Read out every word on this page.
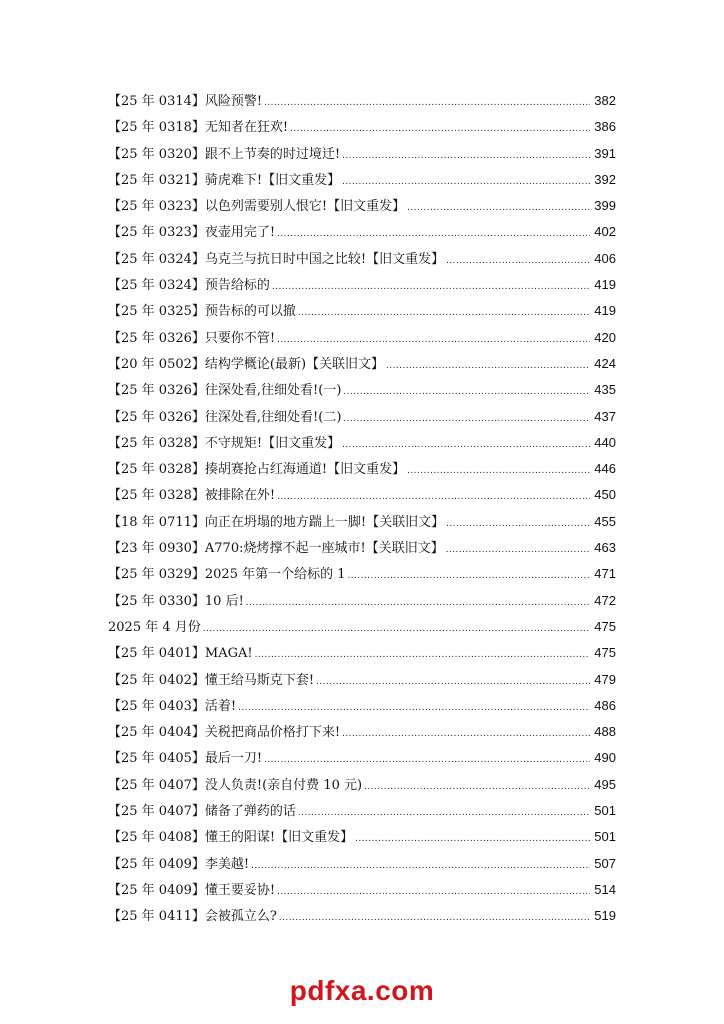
【25 年 0314】风险预警! .....	382
【25 年 0318】无知者在狂欢! .....	386
【25 年 0320】跟不上节奏的时过境迁! .....	391
【25 年 0321】骑虎难下!【旧文重发】 .....	392
【25 年 0323】以色列需要别人恨它!【旧文重发】 .....	399
【25 年 0323】夜壶用完了! .....	402
【25 年 0324】乌克兰与抗日时中国之比较!【旧文重发】 .....	406
【25 年 0324】预告给标的 .....	419
【25 年 0325】预告标的可以撤 .....	419
【25 年 0326】只要你不管! .....	420
【20 年 0502】结构学概论(最新)【关联旧文】 .....	424
【25 年 0326】往深处看,往细处看!(一) .....	435
【25 年 0326】往深处看,往细处看!(二) .....	437
【25 年 0328】不守规矩!【旧文重发】 .....	440
【25 年 0328】揍胡赛抢占红海通道!【旧文重发】 .....	446
【25 年 0328】被排除在外! .....	450
【18 年 0711】向正在坍塌的地方踹上一脚!【关联旧文】 .....	455
【23 年 0930】A770:烧烤撑不起一座城市!【关联旧文】 .....	463
【25 年 0329】2025 年第一个给标的 1 .....	471
【25 年 0330】10 后! .....	472
2025 年 4 月份 .....	475
【25 年 0401】MAGA! .....	475
【25 年 0402】懂王给马斯克下套! .....	479
【25 年 0403】活着! .....	486
【25 年 0404】关税把商品价格打下来! .....	488
【25 年 0405】最后一刀! .....	490
【25 年 0407】没人负责!(亲自付费 10 元) .....	495
【25 年 0407】储备了弹药的话 .....	501
【25 年 0408】懂王的阳谋!【旧文重发】 .....	501
【25 年 0409】李美越! .....	507
【25 年 0409】懂王要妥协! .....	514
【25 年 0411】会被孤立么? .....	519
pdfxa.com
